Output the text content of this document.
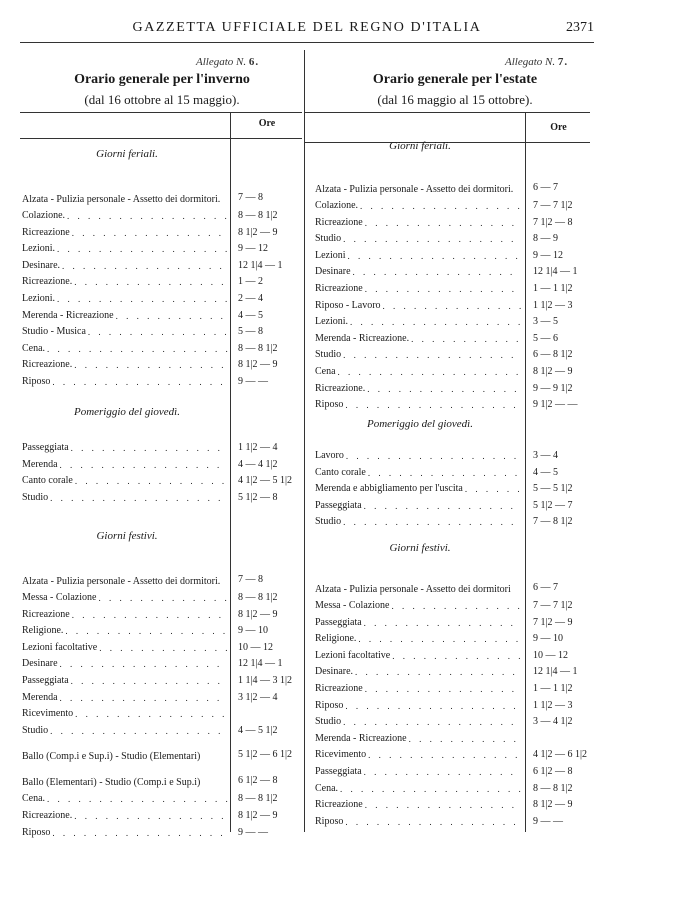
GAZZETTA UFFICIALE DEL REGNO D'ITALIA	2371
Allegato N. 6.
Orario generale per l'inverno
(dal 16 ottobre al 15 maggio).
Ore
Giorni feriali.
Alzata - Pulizia personale - Assetto dei dormitori. 7 — 8
Colazione. . . .	8 — 8 1|2
Ricreazione . . .	8 1|2 — 9
Lezioni. . . .	9 — 12
Desinare. . . .	12 1|4 — 1
Ricreazione. . . .	1 — 2
Lezioni. . . .	2 — 4
Merenda - Ricreazione . . .	4 — 5
Studio - Musica . . .	5 — 8
Cena. . . .	8 — 8 1|2
Ricreazione. . . .	8 1|2 — 9
Riposo . . .	9 — —
Pomeriggio del giovedì.
Passeggiata . . .	1 1|2 — 4
Merenda . . .	4 — 4 1|2
Canto corale . . .	4 1|2 — 5 1|2
Studio . . .	5 1|2 — 8
Giorni festivi.
Alzata - Pulizia personale - Assetto dei dormitori. 7 — 8
Messa - Colazione . . .	8 — 8 1|2
Ricreazione . . .	8 1|2 — 9
Religione. . . .	9 — 10
Lezioni facoltative . . .	10 — 12
Desinare . . .	12 1|4 — 1
Passeggiata . . .	1 1|4 — 3 1|2
Merenda . . .	3 1|2 — 4
Ricevimento
. . .
Studio . . .	4 — 5 1|2
Ballo (Comp.i e Sup.i) - Studio (Elementari)	5 1|2 — 6 1|2
Ballo (Elementari) - Studio (Comp.i e Sup.i)	6 1|2 — 8
Cena. . . .	8 — 8 1|2
Ricreazione. . . .	8 1|2 — 9
Riposo . . .	9 — —
Allegato N. 7.
Orario generale per l'estate
(dal 16 maggio al 15 ottobre).
Ore
Giorni feriali.
Alzata - Pulizia personale - Assetto dei dormitori. 6 — 7
Colazione. . . .	7 — 7 1|2
Ricreazione . . .	7 1|2 — 8
Studio . . .	8 — 9
Lezioni . . .	9 — 12
Desinare . . .	12 1|4 — 1
Ricreazione . . .	1 — 1 1|2
Riposo - Lavoro . . .	1 1|2 — 3
Lezioni. . . .	3 — 5
Merenda - Ricreazione. . . .	5 — 6
Studio . . .	6 — 8 1|2
Cena . . .	8 1|2 — 9
Ricreazione. . . .	9 — 9 1|2
Riposo . . .	9 1|2 — —
Pomeriggio del giovedì.
Lavoro . . .	3 — 4
Canto corale . . .	4 — 5
Merenda e abbigliamento per l'uscita . . .	5 — 5 1|2
Passeggiata . . .	5 1|2 — 7
Studio . . .	7 — 8 1|2
Giorni festivi.
Alzata - Pulizia personale - Assetto dei dormitori 6 — 7
Messa - Colazione . . .	7 — 7 1|2
Passeggiata . . .	7 1|2 — 9
Religione. . . .	9 — 10
Lezioni facoltative . . .	10 — 12
Desinare. . . .	12 1|4 — 1
Ricreazione . . .	1 — 1 1|2
Riposo . . .	1 1|2 — 3
Studio . . .	3 — 4 1|2
Merenda - Ricreazione
. . .
Ricevimento . . .	4 1|2 — 6 1|2
Passeggiata . . .	6 1|2 — 8
Cena. . . .	8 — 8 1|2
Ricreazione . . .	8 1|2 — 9
Riposo . . .	9 — —
